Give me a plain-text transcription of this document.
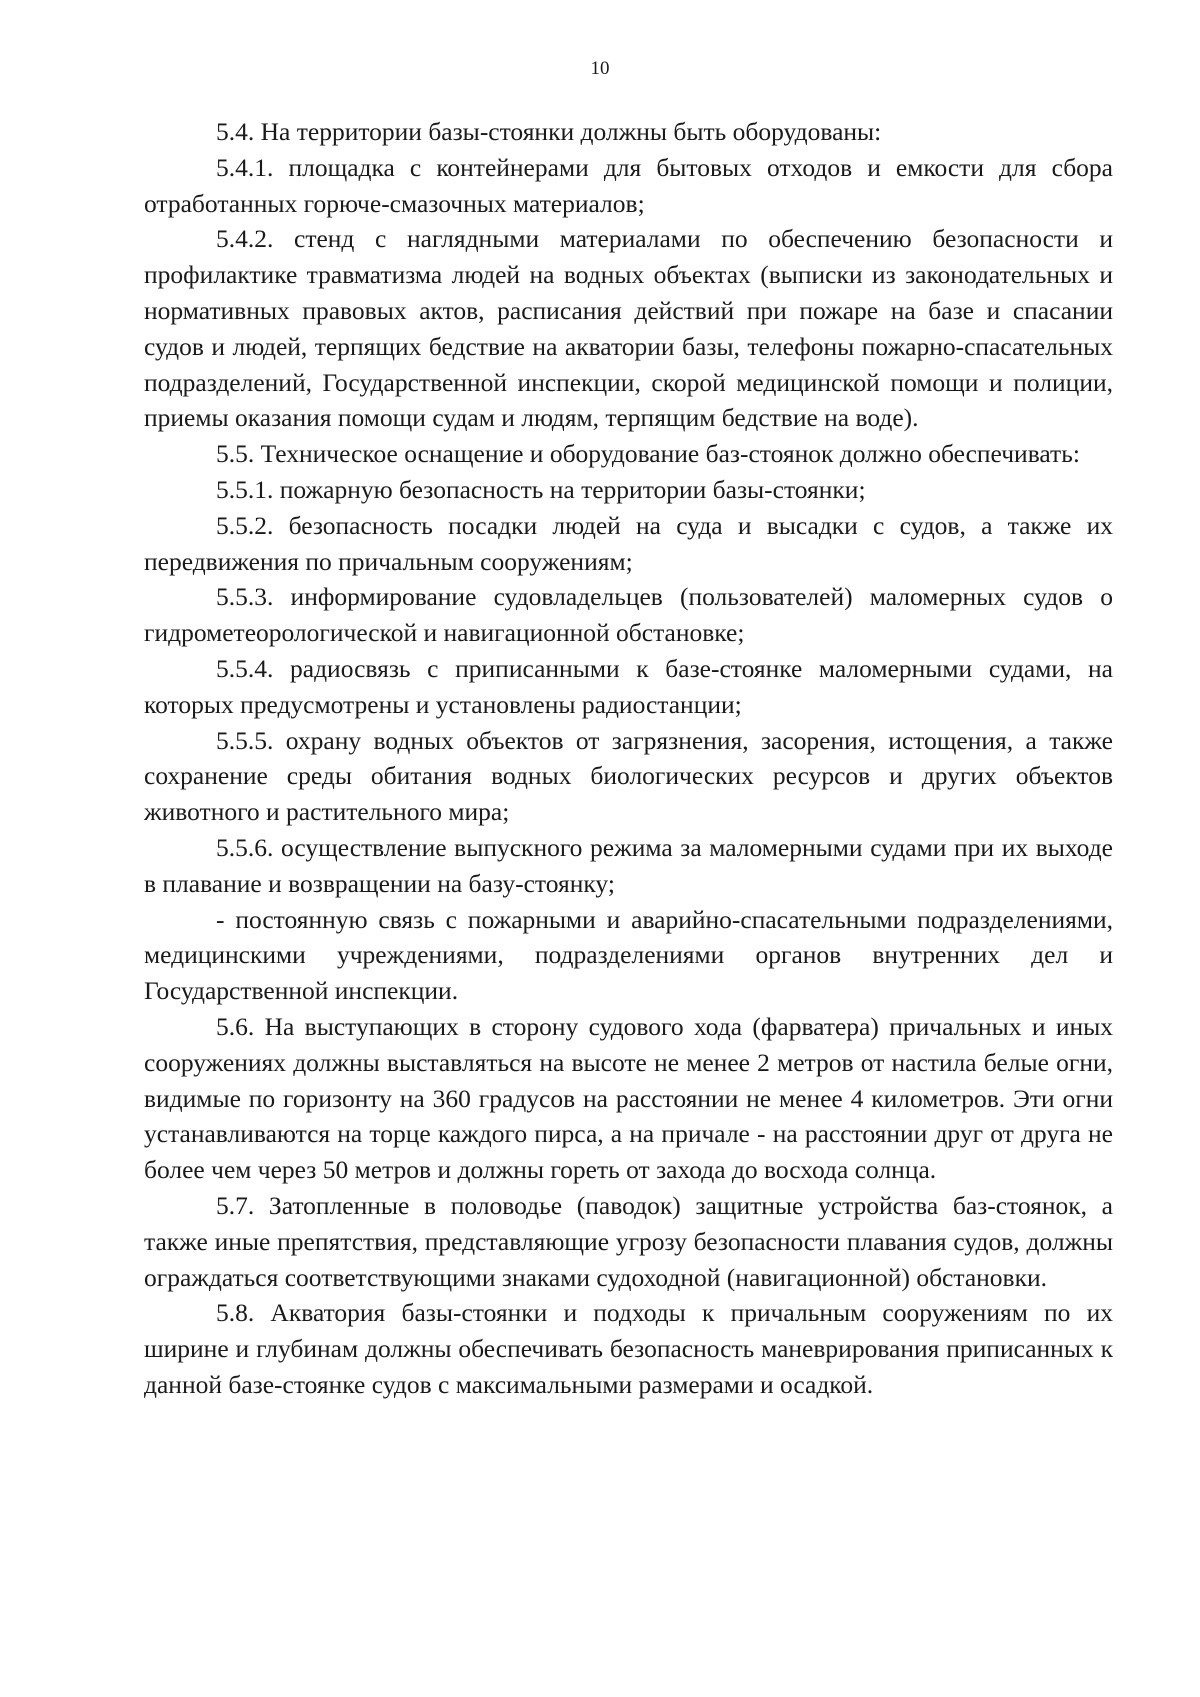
10

5.4. На территории базы-стоянки должны быть оборудованы:

5.4.1. площадка с контейнерами для бытовых отходов и емкости для сбора отработанных горюче-смазочных материалов;

5.4.2. стенд с наглядными материалами по обеспечению безопасности и профилактике травматизма людей на водных объектах (выписки из законодательных и нормативных правовых актов, расписания действий при пожаре на базе и спасании судов и людей, терпящих бедствие на акватории базы, телефоны пожарно-спасательных подразделений, Государственной инспекции, скорой медицинской помощи и полиции, приемы оказания помощи судам и людям, терпящим бедствие на воде).

5.5. Техническое оснащение и оборудование баз-стоянок должно обеспечивать:

5.5.1. пожарную безопасность на территории базы-стоянки;

5.5.2. безопасность посадки людей на суда и высадки с судов, а также их передвижения по причальным сооружениям;

5.5.3. информирование судовладельцев (пользователей) маломерных судов о гидрометеорологической и навигационной обстановке;

5.5.4. радиосвязь с приписанными к базе-стоянке маломерными судами, на которых предусмотрены и установлены радиостанции;

5.5.5. охрану водных объектов от загрязнения, засорения, истощения, а также сохранение среды обитания водных биологических ресурсов и других объектов животного и растительного мира;

5.5.6. осуществление выпускного режима за маломерными судами при их выходе в плавание и возвращении на базу-стоянку;

- постоянную связь с пожарными и аварийно-спасательными подразделениями, медицинскими учреждениями, подразделениями органов внутренних дел и Государственной инспекции.

5.6. На выступающих в сторону судового хода (фарватера) причальных и иных сооружениях должны выставляться на высоте не менее 2 метров от настила белые огни, видимые по горизонту на 360 градусов на расстоянии не менее 4 километров. Эти огни устанавливаются на торце каждого пирса, а на причале - на расстоянии друг от друга не более чем через 50 метров и должны гореть от захода до восхода солнца.

5.7. Затопленные в половодье (паводок) защитные устройства баз-стоянок, а также иные препятствия, представляющие угрозу безопасности плавания судов, должны ограждаться соответствующими знаками судоходной (навигационной) обстановки.

5.8. Акватория базы-стоянки и подходы к причальным сооружениям по их ширине и глубинам должны обеспечивать безопасность маневрирования приписанных к данной базе-стоянке судов с максимальными размерами и осадкой.
